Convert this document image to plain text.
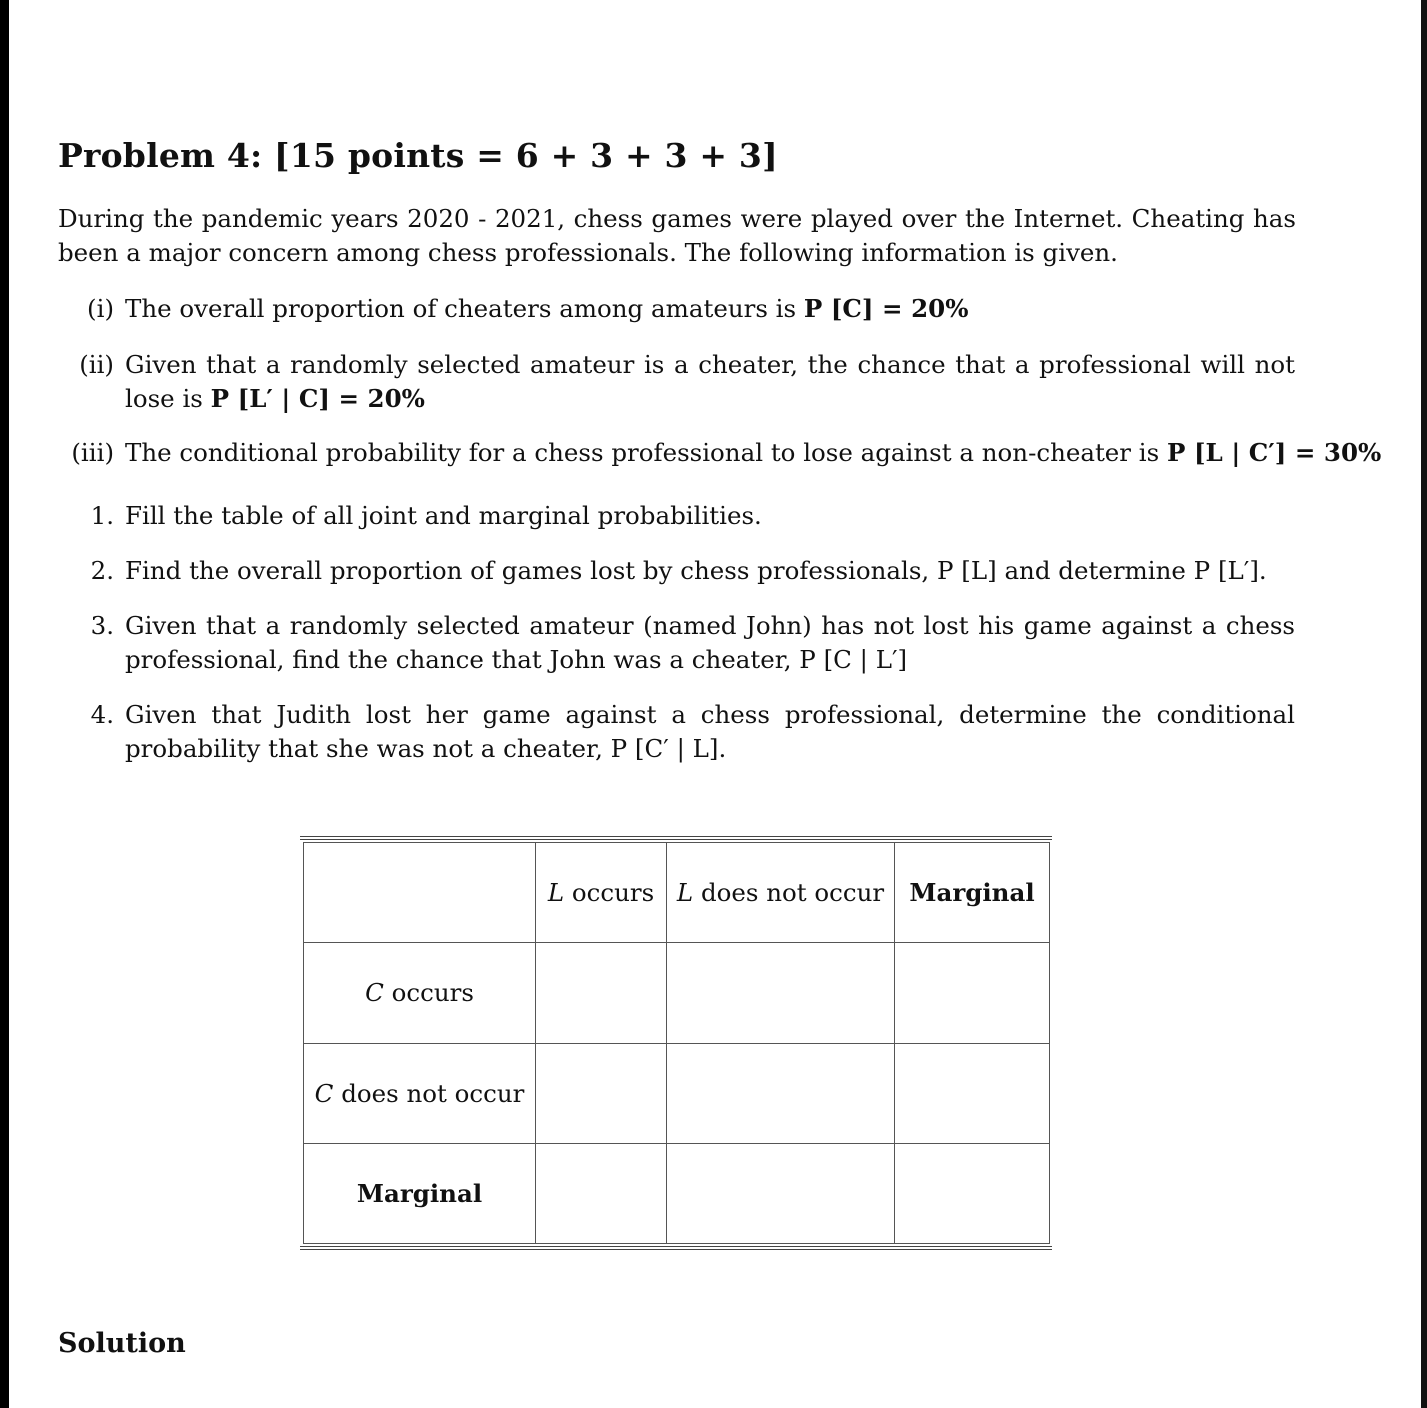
Problem 4: [15 points = 6 + 3 + 3 + 3]
During the pandemic years 2020 - 2021, chess games were played over the Internet. Cheating has been a major concern among chess professionals. The following information is given.
(i) The overall proportion of cheaters among amateurs is P [C] = 20%
(ii) Given that a randomly selected amateur is a cheater, the chance that a professional will not lose is P [L′ | C] = 20%
(iii) The conditional probability for a chess professional to lose against a non-cheater is P [L | C′] = 30%
1. Fill the table of all joint and marginal probabilities.
2. Find the overall proportion of games lost by chess professionals, P [L] and determine P [L′].
3. Given that a randomly selected amateur (named John) has not lost his game against a chess professional, find the chance that John was a cheater, P [C | L′]
4. Given that Judith lost her game against a chess professional, determine the conditional probability that she was not a cheater, P [C′ | L].
Solution
	L occurs	L does not occur	Marginal
C occurs			
C does not occur			
Marginal			
